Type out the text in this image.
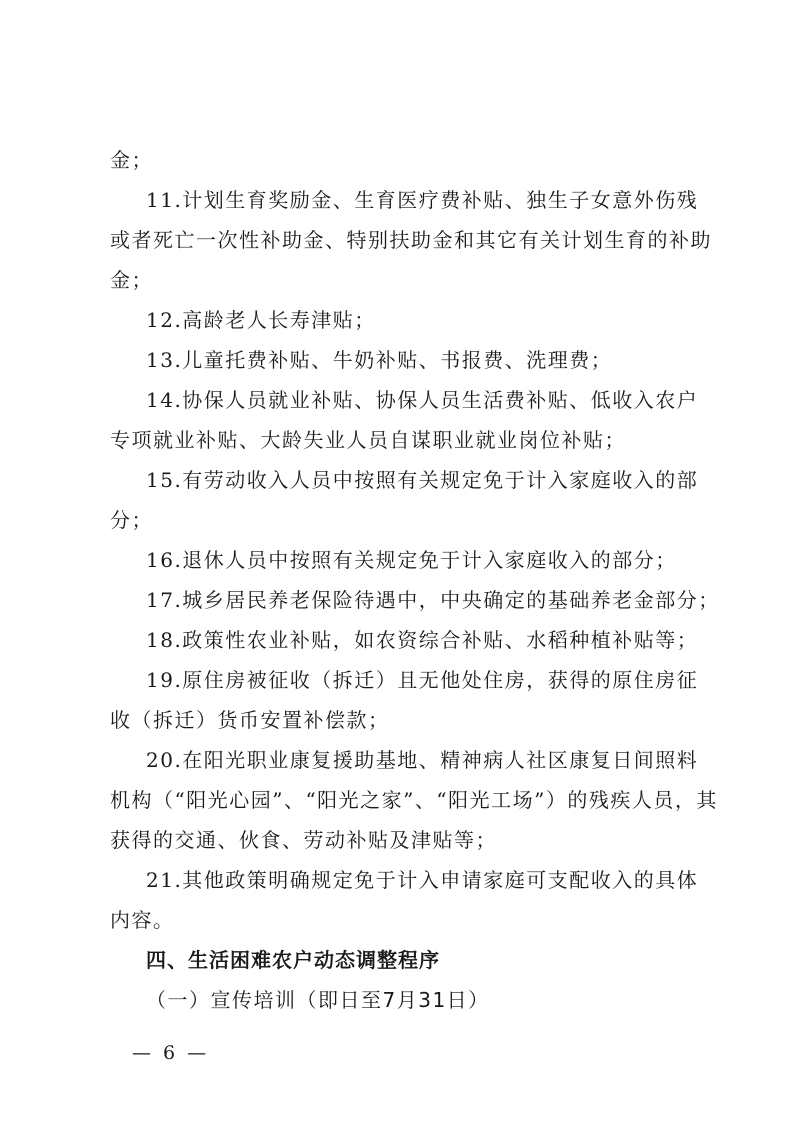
金；
11.计划生育奖励金、生育医疗费补贴、独生子女意外伤残
或者死亡一次性补助金、特别扶助金和其它有关计划生育的补助
金；
12.高龄老人长寿津贴；
13.儿童托费补贴、牛奶补贴、书报费、洗理费；
14.协保人员就业补贴、协保人员生活费补贴、低收入农户
专项就业补贴、大龄失业人员自谋职业就业岗位补贴；
15.有劳动收入人员中按照有关规定免于计入家庭收入的部
分；
16.退休人员中按照有关规定免于计入家庭收入的部分；
17.城乡居民养老保险待遇中，中央确定的基础养老金部分；
18.政策性农业补贴，如农资综合补贴、水稻种植补贴等；
19.原住房被征收（拆迁）且无他处住房，获得的原住房征
收（拆迁）货币安置补偿款；
20.在阳光职业康复援助基地、精神病人社区康复日间照料
机构（“阳光心园”、“阳光之家”、“阳光工场”）的残疾人员，其
获得的交通、伙食、劳动补贴及津贴等；
21.其他政策明确规定免于计入申请家庭可支配收入的具体
内容。
四、生活困难农户动态调整程序
（一）宣传培训（即日至7月31日）
— 6 —
